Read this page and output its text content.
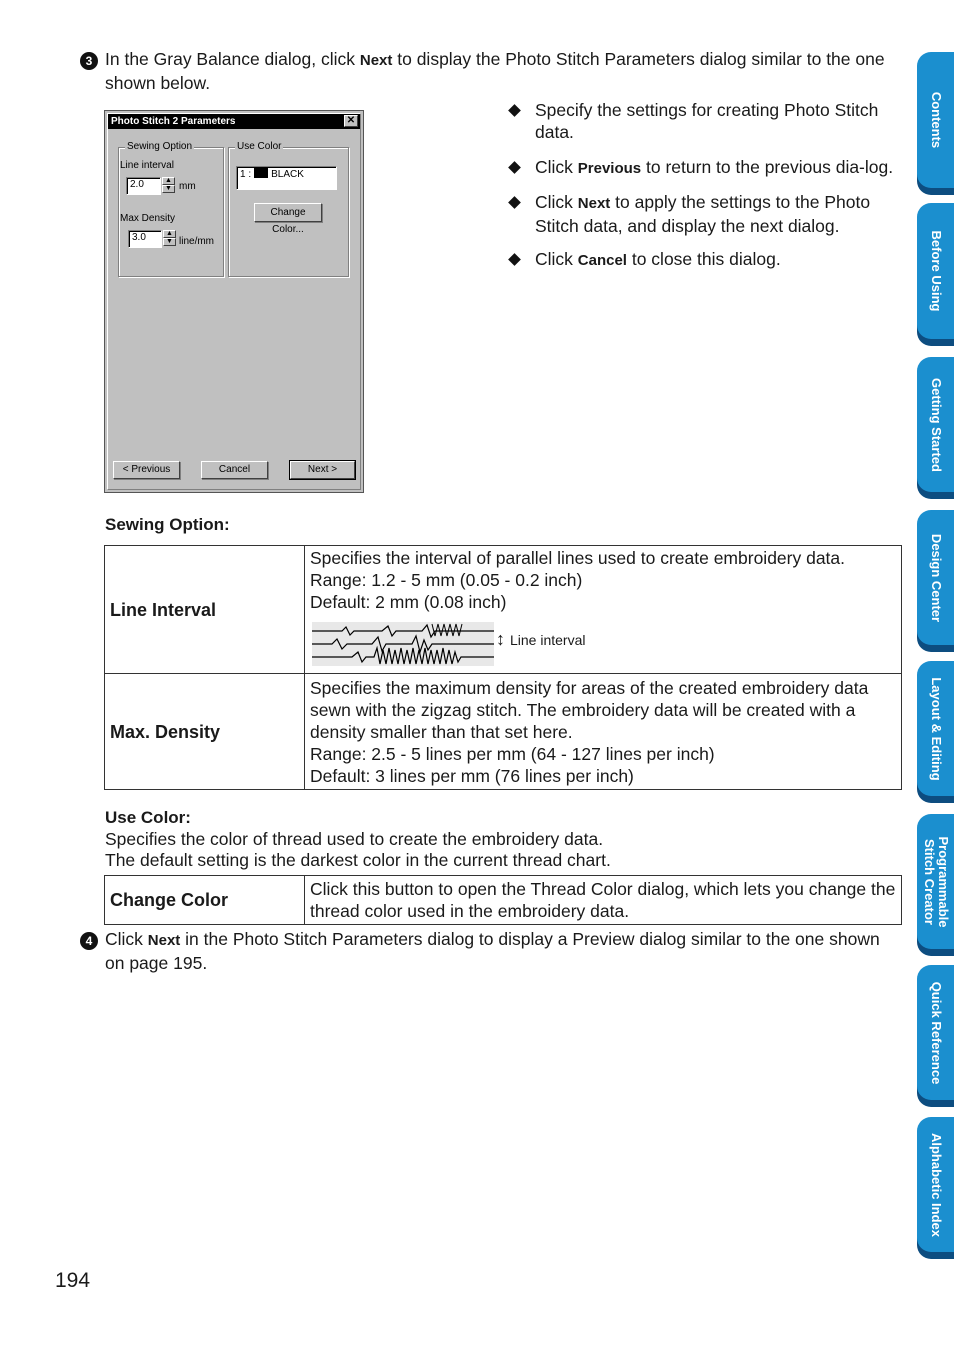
3 In the Gray Balance dialog, click Next to display the Photo Stitch Parameters dialog similar to the one shown below.
Photo Stitch 2 Parameters	✕
Sewing Option
Line interval
2.0	▲
▼ mm
Max Density
3.0	▲
▼ line/mm
Use Color
1 : BLACK
Change Color...
< Previous	Cancel	Next >
Specify the settings for creating Photo Stitch data.
Click Previous to return to the previous dia-log.
Click Next to apply the settings to the Photo Stitch data, and display the next dialog.
Click Cancel to close this dialog.
Sewing Option:
Line Interval	Specifies the interval of parallel lines used to create embroidery data.
Range: 1.2 - 5 mm (0.05 - 0.2 inch)
Default: 2 mm (0.08 inch)
↕ Line interval

Max. Density	Specifies the maximum density for areas of the created embroidery data sewn with the zigzag stitch. The embroidery data will be created with a density smaller than that set here.
Range: 2.5 - 5 lines per mm (64 - 127 lines per inch)
Default: 3 lines per mm (76 lines per inch)
Use Color:
Specifies the color of thread used to create the embroidery data.
The default setting is the darkest color in the current thread chart.
Change Color	Click this button to open the Thread Color dialog, which lets you change the thread color used in the embroidery data.
4 Click Next in the Photo Stitch Parameters dialog to display a Preview dialog similar to the one shown on page 195.
Contents
Before Using
Getting Started
Design Center
Layout & Editing
Programmable Stitch Creator
Quick Reference
Alphabetic Index
194
